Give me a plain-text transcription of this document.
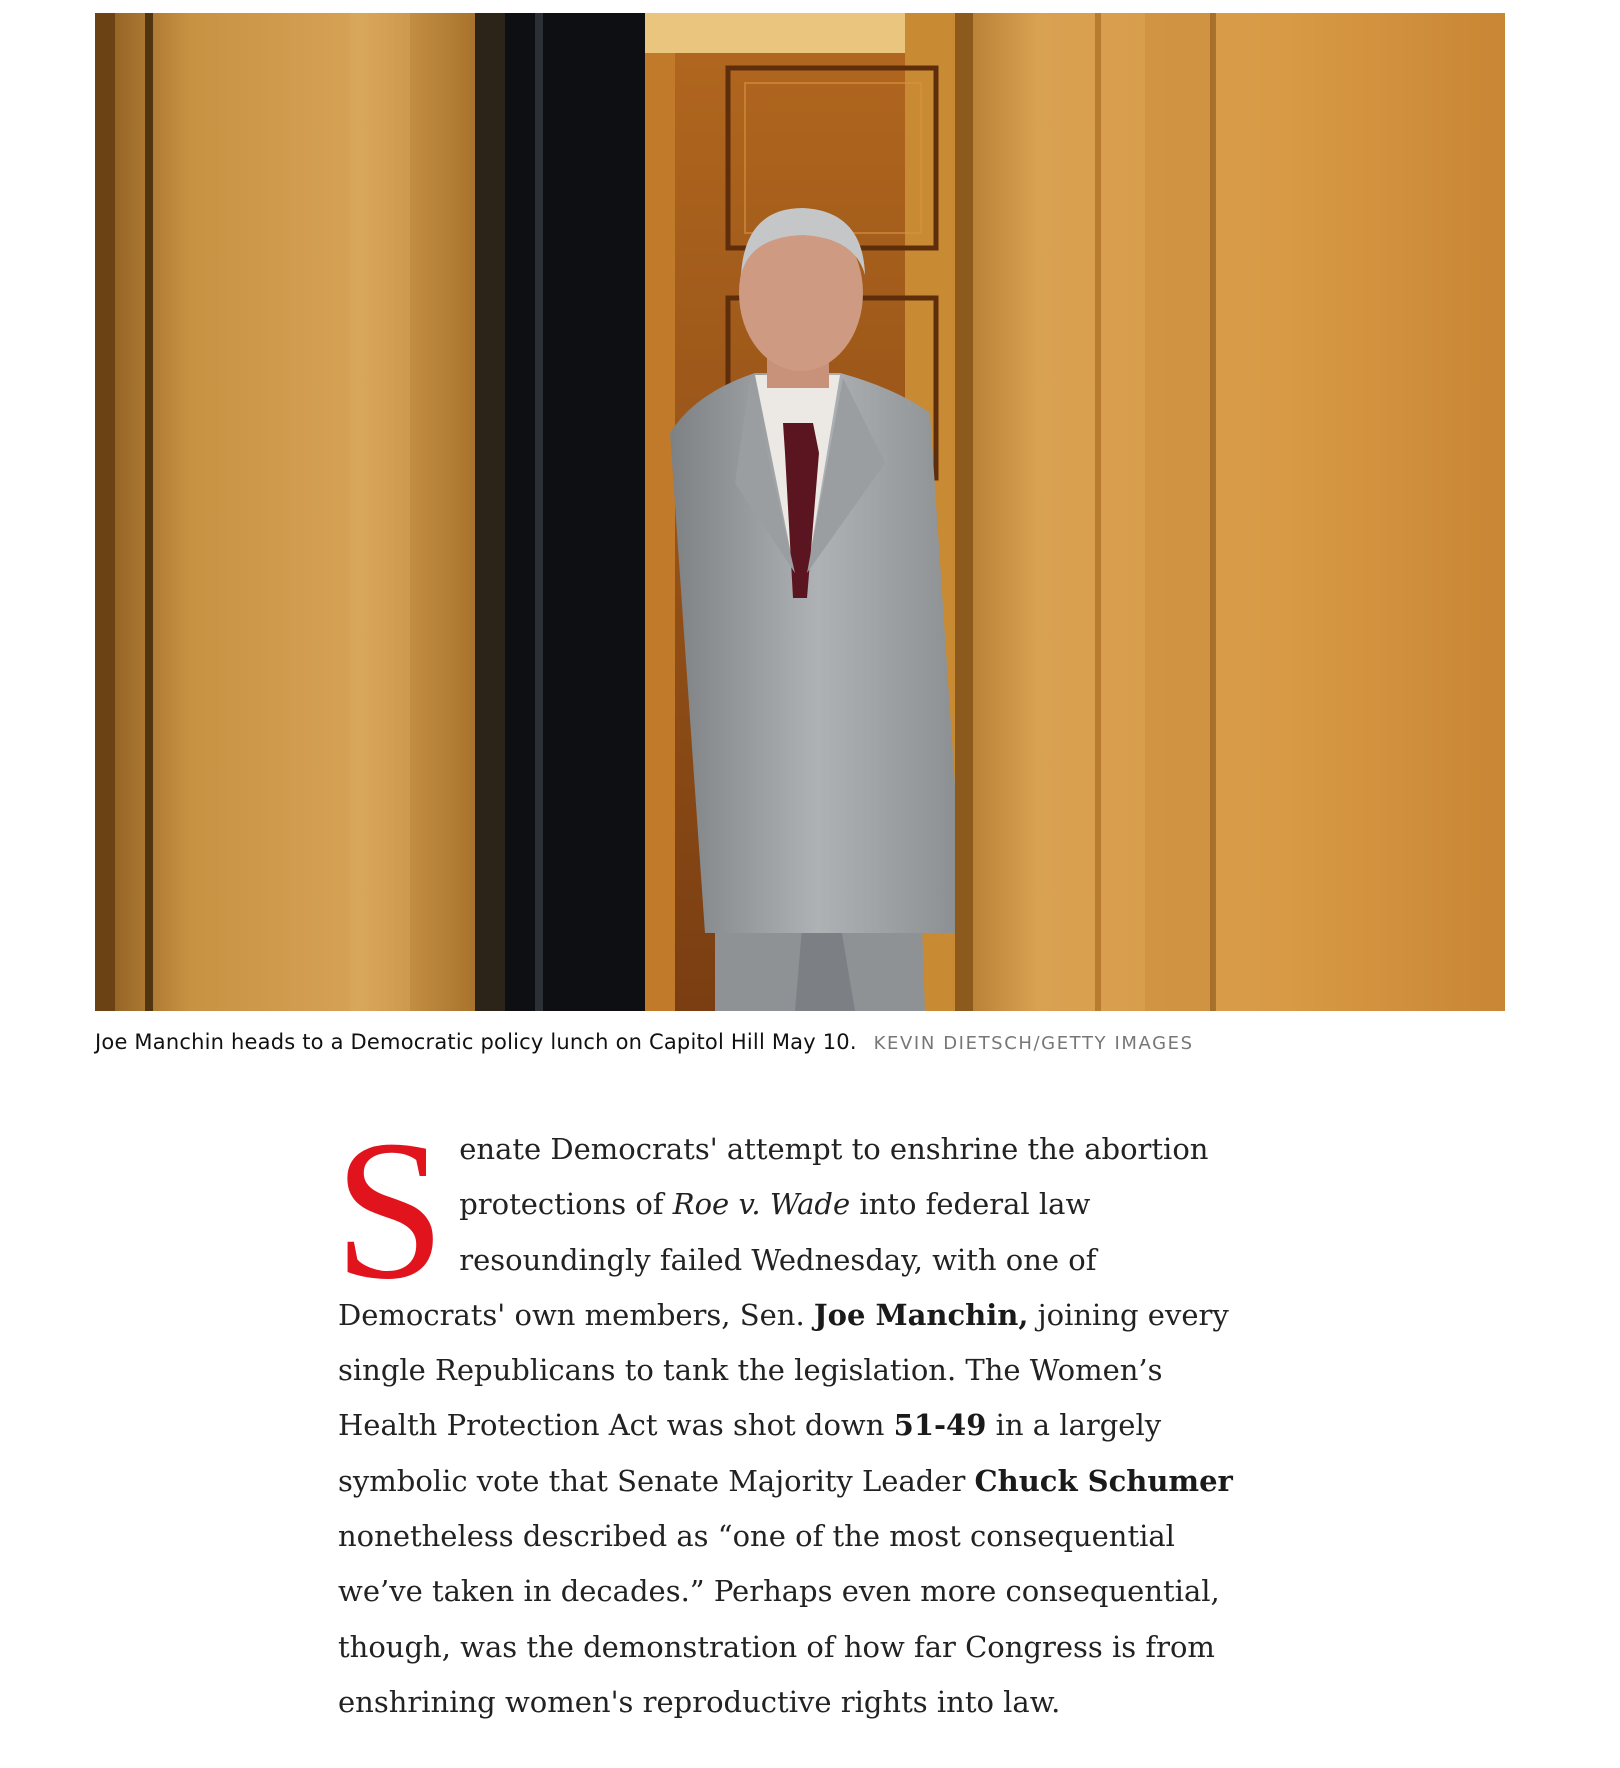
Joe Manchin heads to a Democratic policy lunch on Capitol Hill May 10. KEVIN DIETSCH/GETTY IMAGES

Senate Democrats' attempt to enshrine the abortion protections of Roe v. Wade into federal law resoundingly failed Wednesday, with one of Democrats' own members, Sen. Joe Manchin, joining every single Republicans to tank the legislation. The Women’s Health Protection Act was shot down 51-49 in a largely symbolic vote that Senate Majority Leader Chuck Schumer nonetheless described as “one of the most consequential we’ve taken in decades.” Perhaps even more consequential, though, was the demonstration of how far Congress is from enshrining women's reproductive rights into law.
